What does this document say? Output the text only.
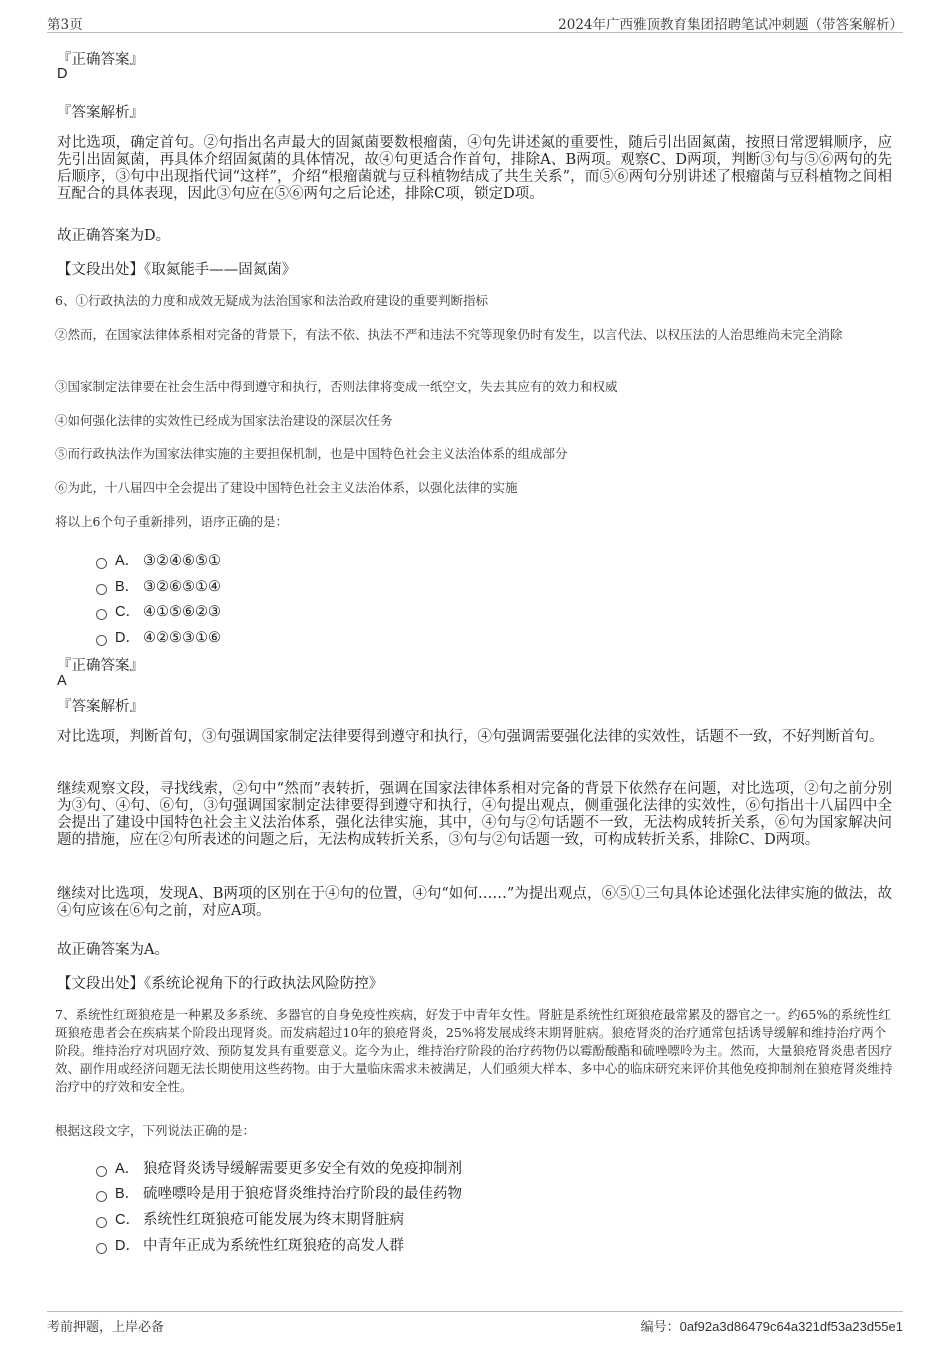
第3页	2024年广西雅顶教育集团招聘笔试冲刺题（带答案解析）
『正确答案』
D
『答案解析』
对比选项，确定首句。②句指出名声最大的固氮菌要数根瘤菌，④句先讲述氮的重要性，随后引出固氮菌，按照日常逻辑顺序，应先引出固氮菌，再具体介绍固氮菌的具体情况，故④句更适合作首句，排除A、B两项。观察C、D两项，判断③句与⑤⑥两句的先后顺序，③句中出现指代词“这样”，介绍“根瘤菌就与豆科植物结成了共生关系”，而⑤⑥两句分别讲述了根瘤菌与豆科植物之间相互配合的具体表现，因此③句应在⑤⑥两句之后论述，排除C项，锁定D项。
故正确答案为D。
【文段出处】《取氮能手——固氮菌》
6、①行政执法的力度和成效无疑成为法治国家和法治政府建设的重要判断指标
②然而，在国家法律体系相对完备的背景下，有法不依、执法不严和违法不究等现象仍时有发生，以言代法、以权压法的人治思维尚未完全消除
③国家制定法律要在社会生活中得到遵守和执行，否则法律将变成一纸空文，失去其应有的效力和权威
④如何强化法律的实效性已经成为国家法治建设的深层次任务
⑤而行政执法作为国家法律实施的主要担保机制，也是中国特色社会主义法治体系的组成部分
⑥为此，十八届四中全会提出了建设中国特色社会主义法治体系，以强化法律的实施
将以上6个句子重新排列，语序正确的是：
A． ③②④⑥⑤①
B． ③②⑥⑤①④
C． ④①⑤⑥②③
D． ④②⑤③①⑥
『正确答案』
A
『答案解析』
对比选项，判断首句，③句强调国家制定法律要得到遵守和执行，④句强调需要强化法律的实效性，话题不一致，不好判断首句。
继续观察文段，寻找线索，②句中“然而”表转折，强调在国家法律体系相对完备的背景下依然存在问题，对比选项，②句之前分别为③句、④句、⑥句，③句强调国家制定法律要得到遵守和执行，④句提出观点，侧重强化法律的实效性，⑥句指出十八届四中全会提出了建设中国特色社会主义法治体系，强化法律实施，其中，④句与②句话题不一致，无法构成转折关系，⑥句为国家解决问题的措施，应在②句所表述的问题之后，无法构成转折关系，③句与②句话题一致，可构成转折关系，排除C、D两项。
继续对比选项，发现A、B两项的区别在于④句的位置，④句“如何……”为提出观点，⑥⑤①三句具体论述强化法律实施的做法，故④句应该在⑥句之前，对应A项。
故正确答案为A。
【文段出处】《系统论视角下的行政执法风险防控》
7、系统性红斑狼疮是一种累及多系统、多器官的自身免疫性疾病，好发于中青年女性。肾脏是系统性红斑狼疮最常累及的器官之一。约65%的系统性红斑狼疮患者会在疾病某个阶段出现肾炎。而发病超过10年的狼疮肾炎，25%将发展成终末期肾脏病。狼疮肾炎的治疗通常包括诱导缓解和维持治疗两个阶段。维持治疗对巩固疗效、预防复发具有重要意义。迄今为止，维持治疗阶段的治疗药物仍以霉酚酸酯和硫唑嘌呤为主。然而，大量狼疮肾炎患者因疗效、副作用或经济问题无法长期使用这些药物。由于大量临床需求未被满足，人们亟须大样本、多中心的临床研究来评价其他免疫抑制剂在狼疮肾炎维持治疗中的疗效和安全性。
根据这段文字，下列说法正确的是：
A． 狼疮肾炎诱导缓解需要更多安全有效的免疫抑制剂
B． 硫唑嘌呤是用于狼疮肾炎维持治疗阶段的最佳药物
C． 系统性红斑狼疮可能发展为终末期肾脏病
D． 中青年正成为系统性红斑狼疮的高发人群
考前押题，上岸必备	编号：0af92a3d86479c64a321df53a23d55e1
